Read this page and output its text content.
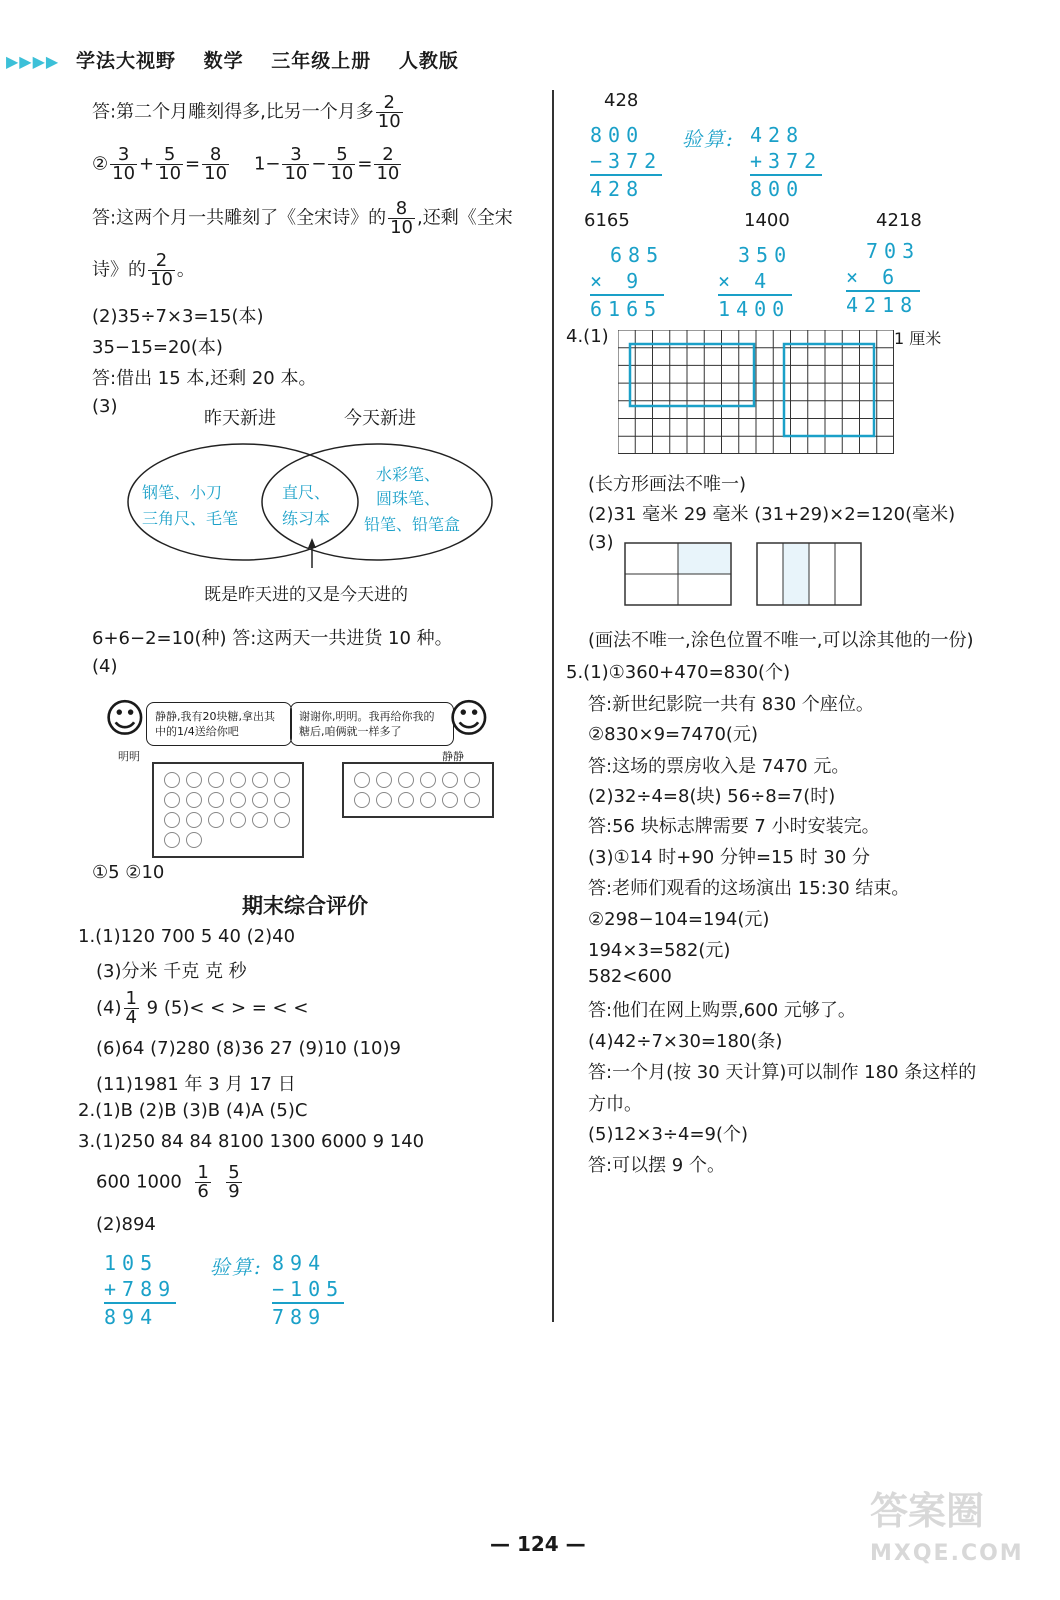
▶▶▶▶ 学法大视野 数学 三年级上册 人教版
答:第二个月雕刻得多,比另一个月多 $\frac{2}{10}$
② $\frac{3}{10} + \frac{5}{10} = \frac{8}{10} 1- \frac{3}{10} - \frac{5}{10} = \frac{2}{10}$
答:这两个月一共雕刻了《全宋诗》的 $\frac{8}{10}$ ,还剩《全宋
诗》的 $\frac{2}{10}$ 。
(2)35÷7×3=15(本)
35−15=20(本)
答:借出 15 本,还剩 20 本。
(3)
昨天新进	今天新进
钢笔、小刀
三角尺、毛笔
直尺、
练习本
水彩笔、
圆珠笔、
铅笔、铅笔盒
既是昨天进的又是今天进的
6+6−2=10(种) 答:这两天一共进货 10 种。
(4)
☺
明明
静静,我有20块糖,拿出其中的1/4送给你吧
谢谢你,明明。我再给你我的糖后,咱俩就一样多了	☺
静静
①5 ②10
期末综合评价
1.(1)120 700 5 40 (2)40
(3)分米 千克 克 秒
$(4) \frac{1}{4} 9$ (5)< < > = < <
(6)64 (7)280 (8)36 27 (9)10 (10)9
(11)1981 年 3 月 17 日
2.(1)B (2)B (3)B (4)A (5)C
3.(1)250 84 84 8100 1300 6000 9 140
600 $1000 \frac{1}{6}$
$\frac{5}{9}$
(2)894
105
+789
894
验算: 894
−105
789
428
800
−372
428
验算: 428
+372
800
6165	1400	4218
685
× 9
6165
350
× 4
1400
703
× 6
4218
4.(1)	1 厘米
(长方形画法不唯一)
(2)31 毫米 29 毫米 (31+29)×2=120(毫米)
(3)
(画法不唯一,涂色位置不唯一,可以涂其他的一份)
5.(1)①360+470=830(个)
答:新世纪影院一共有 830 个座位。
②830×9=7470(元)
答:这场的票房收入是 7470 元。
(2)32÷4=8(块) 56÷8=7(时)
答:56 块标志牌需要 7 小时安装完。
(3)①14 时+90 分钟=15 时 30 分
答:老师们观看的这场演出 15:30 结束。
②298−104=194(元)
194×3=582(元)
582<600
答:他们在网上购票,600 元够了。
(4)42÷7×30=180(条)
答:一个月(按 30 天计算)可以制作 180 条这样的
方巾。
(5)12×3÷4=9(个)
答:可以摆 9 个。
— 124 —
答案圈
MXQE.COM
